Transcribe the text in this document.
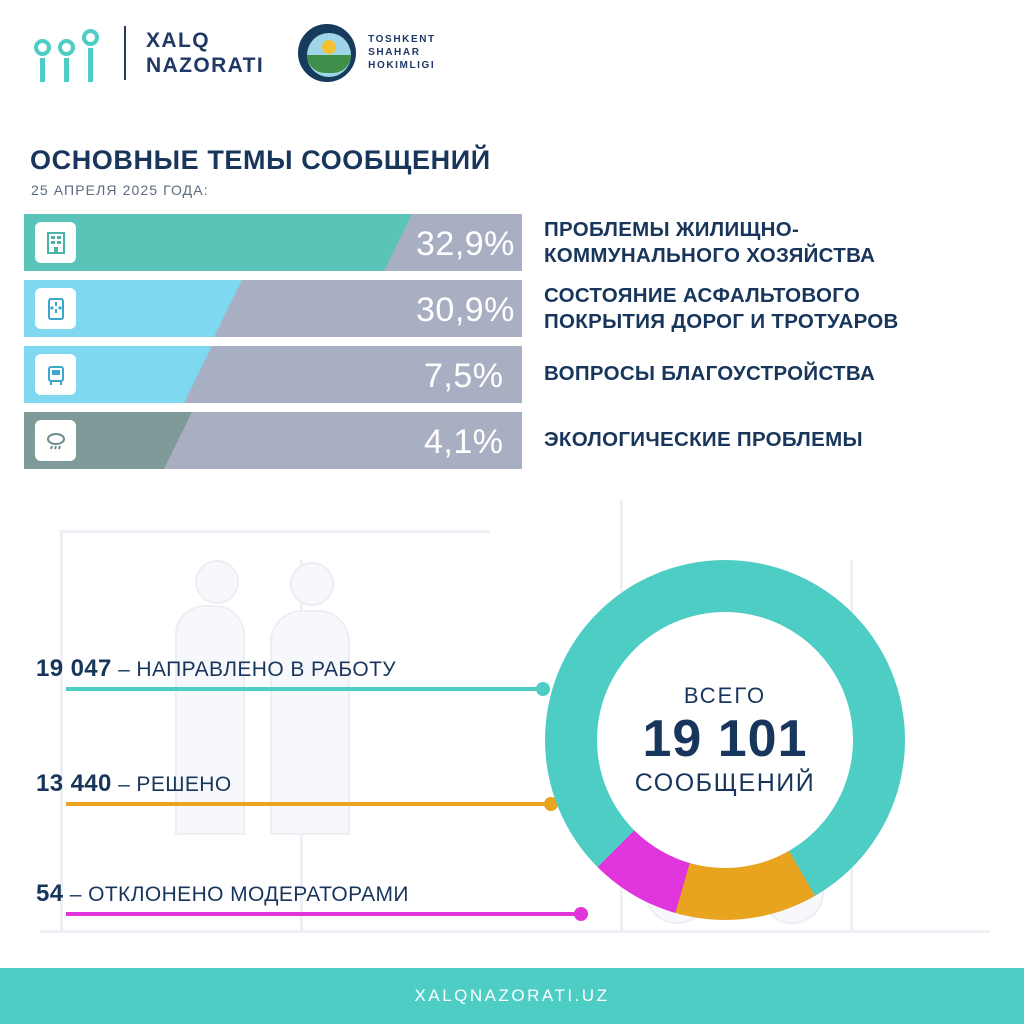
XALQ
NAZORATI
TOSHKENT
SHAHAR
HOKIMLIGI
ОСНОВНЫЕ ТЕМЫ СООБЩЕНИЙ
25 АПРЕЛЯ 2025 ГОДА:
32,9% ПРОБЛЕМЫ ЖИЛИЩНО-
КОММУНАЛЬНОГО ХОЗЯЙСТВА
30,9% СОСТОЯНИЕ АСФАЛЬТОВОГО
ПОКРЫТИЯ ДОРОГ И ТРОТУАРОВ
7,5% ВОПРОСЫ БЛАГОУСТРОЙСТВА
4,1% ЭКОЛОГИЧЕСКИЕ ПРОБЛЕМЫ
19 047 – НАПРАВЛЕНО В РАБОТУ
13 440 – РЕШЕНО
54 – ОТКЛОНЕНО МОДЕРАТОРАМИ
ВСЕГО
19 101
СООБЩЕНИЙ
XALQNAZORATI.UZ
